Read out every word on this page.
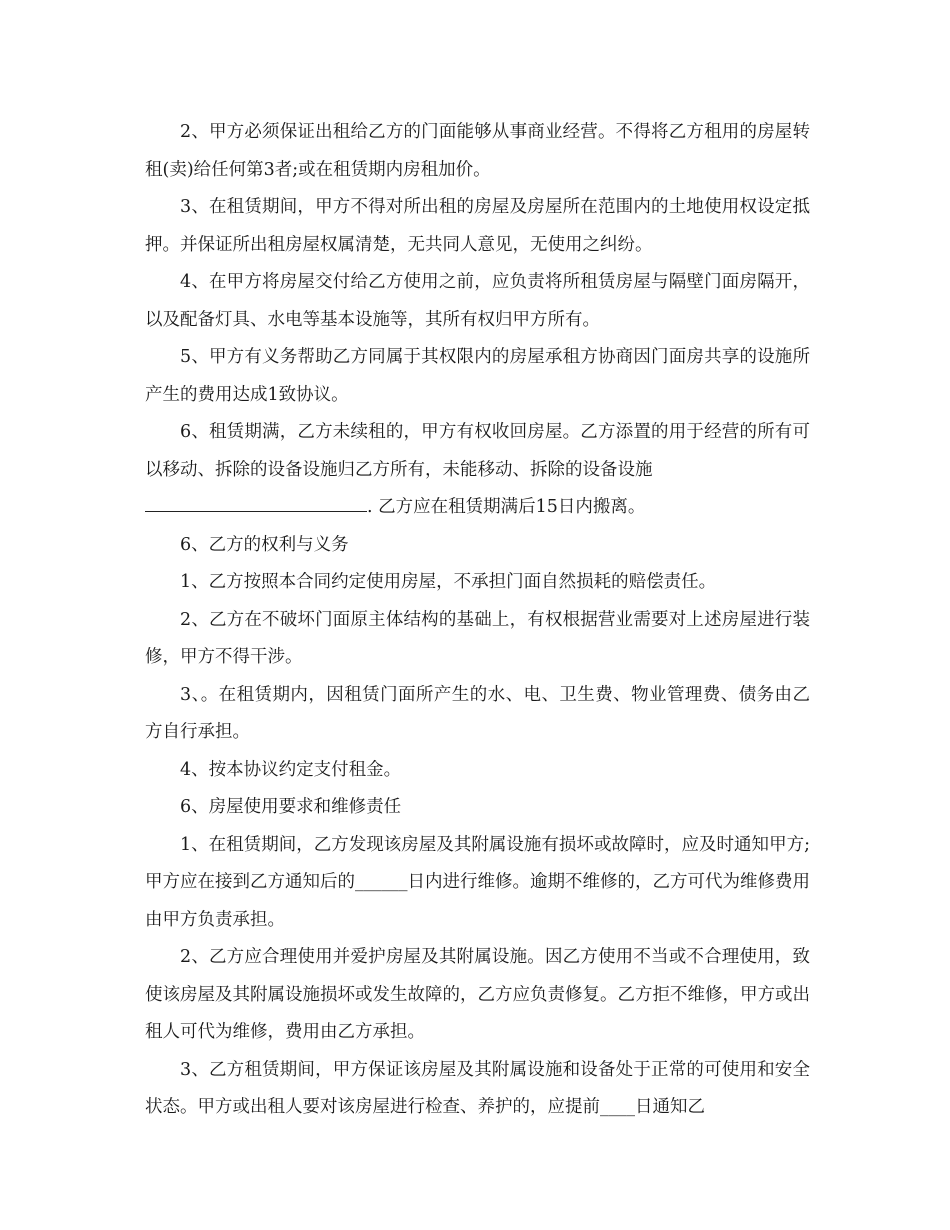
2、甲方必须保证出租给乙方的门面能够从事商业经营。不得将乙方租用的房屋转租(卖)给任何第3者;或在租赁期内房租加价。

3、在租赁期间，甲方不得对所出租的房屋及房屋所在范围内的土地使用权设定抵押。并保证所出租房屋权属清楚，无共同人意见，无使用之纠纷。

4、在甲方将房屋交付给乙方使用之前，应负责将所租赁房屋与隔壁门面房隔开，以及配备灯具、水电等基本设施等，其所有权归甲方所有。

5、甲方有义务帮助乙方同属于其权限内的房屋承租方协商因门面房共享的设施所产生的费用达成1致协议。

6、租赁期满，乙方未续租的，甲方有权收回房屋。乙方添置的用于经营的所有可以移动、拆除的设备设施归乙方所有，未能移动、拆除的设备设施

. 乙方应在租赁期满后15日内搬离。

6、乙方的权利与义务

1、乙方按照本合同约定使用房屋，不承担门面自然损耗的赔偿责任。

2、乙方在不破坏门面原主体结构的基础上，有权根据营业需要对上述房屋进行装修，甲方不得干涉。

3、。在租赁期内，因租赁门面所产生的水、电、卫生费、物业管理费、债务由乙方自行承担。

4、按本协议约定支付租金。

6、房屋使用要求和维修责任

1、在租赁期间，乙方发现该房屋及其附属设施有损坏或故障时，应及时通知甲方;甲方应在接到乙方通知后的______日内进行维修。逾期不维修的，乙方可代为维修费用由甲方负责承担。

2、乙方应合理使用并爱护房屋及其附属设施。因乙方使用不当或不合理使用，致使该房屋及其附属设施损坏或发生故障的，乙方应负责修复。乙方拒不维修，甲方或出租人可代为维修，费用由乙方承担。

3、乙方租赁期间，甲方保证该房屋及其附属设施和设备处于正常的可使用和安全状态。甲方或出租人要对该房屋进行检查、养护的，应提前____日通知乙
